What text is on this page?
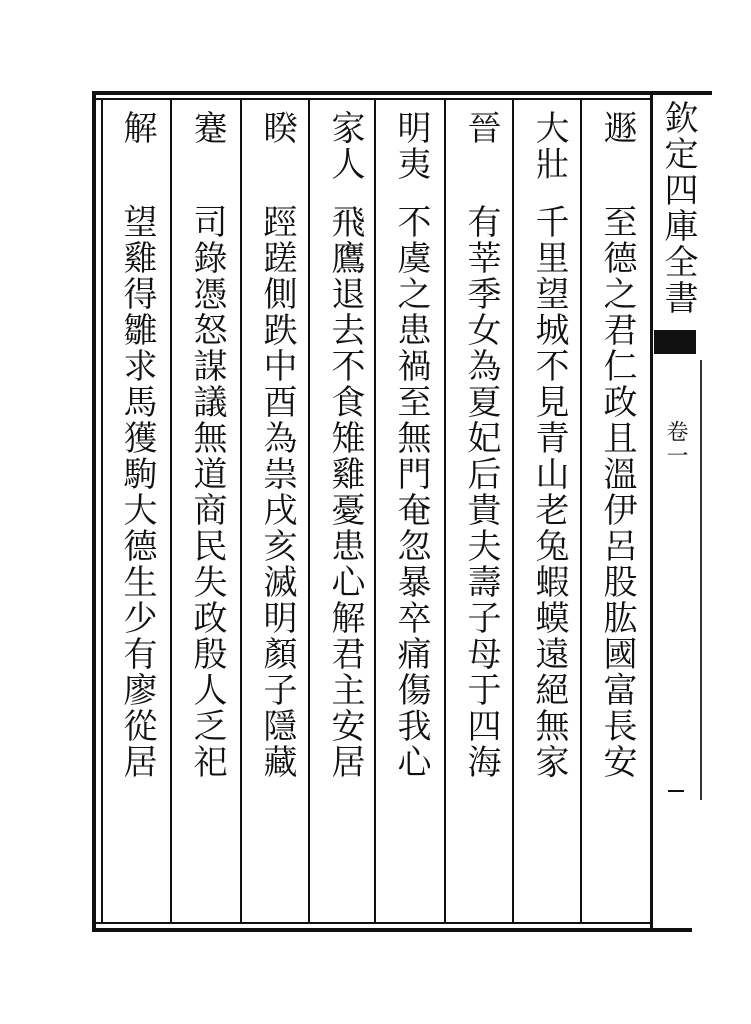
遯
至德之君仁政且溫伊呂股肱國富長安
大壯
千里望城不見青山老兔蝦蟆遠絕無家
晉
有莘季女為夏妃后貴夫壽子母于四海
明夷
不虞之患禍至無門奄忽暴卒痛傷我心
家人
飛鷹退去不食雉雞憂患心解君主安居
睽
踁蹉側跌中酉為祟戌亥滅明顏子隱藏
蹇
司錄憑怒謀議無道商民失政殷人乏祀
解
望雞得雛求馬獲駒大德生少有廖從居	欽定四庫全書
卷一
